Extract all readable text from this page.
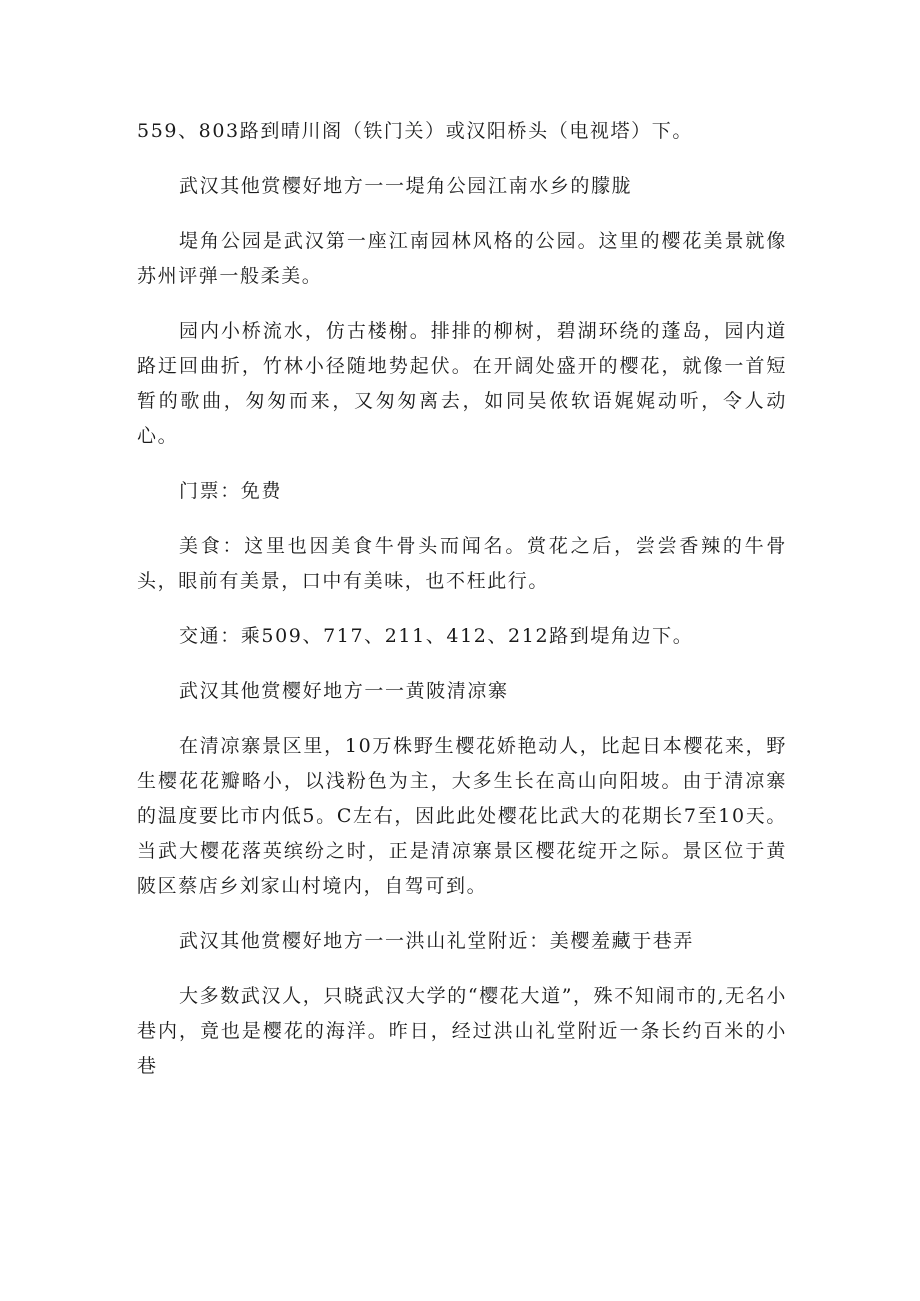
559、803路到晴川阁（铁门关）或汉阳桥头（电视塔）下。

武汉其他赏樱好地方一一堤角公园江南水乡的朦胧

堤角公园是武汉第一座江南园林风格的公园。这里的樱花美景就像苏州评弹一般柔美。

园内小桥流水，仿古楼榭。排排的柳树，碧湖环绕的蓬岛，园内道路迂回曲折，竹林小径随地势起伏。在开阔处盛开的樱花，就像一首短暂的歌曲，匆匆而来，又匆匆离去，如同吴侬软语娓娓动听，令人动心。

门票：免费

美食：这里也因美食牛骨头而闻名。赏花之后，尝尝香辣的牛骨头，眼前有美景，口中有美味，也不枉此行。

交通：乘509、717、211、412、212路到堤角边下。

武汉其他赏樱好地方一一黄陂清凉寨

在清凉寨景区里，10万株野生樱花娇艳动人，比起日本樱花来，野生樱花花瓣略小，以浅粉色为主，大多生长在高山向阳坡。由于清凉寨的温度要比市内低5。C左右，因此此处樱花比武大的花期长7至10天。当武大樱花落英缤纷之时，正是清凉寨景区樱花绽开之际。景区位于黄陂区蔡店乡刘家山村境内，自驾可到。

武汉其他赏樱好地方一一洪山礼堂附近：美樱羞藏于巷弄

大多数武汉人，只晓武汉大学的“樱花大道”，殊不知闹市的,无名小巷内，竟也是樱花的海洋。昨日，经过洪山礼堂附近一条长约百米的小巷
